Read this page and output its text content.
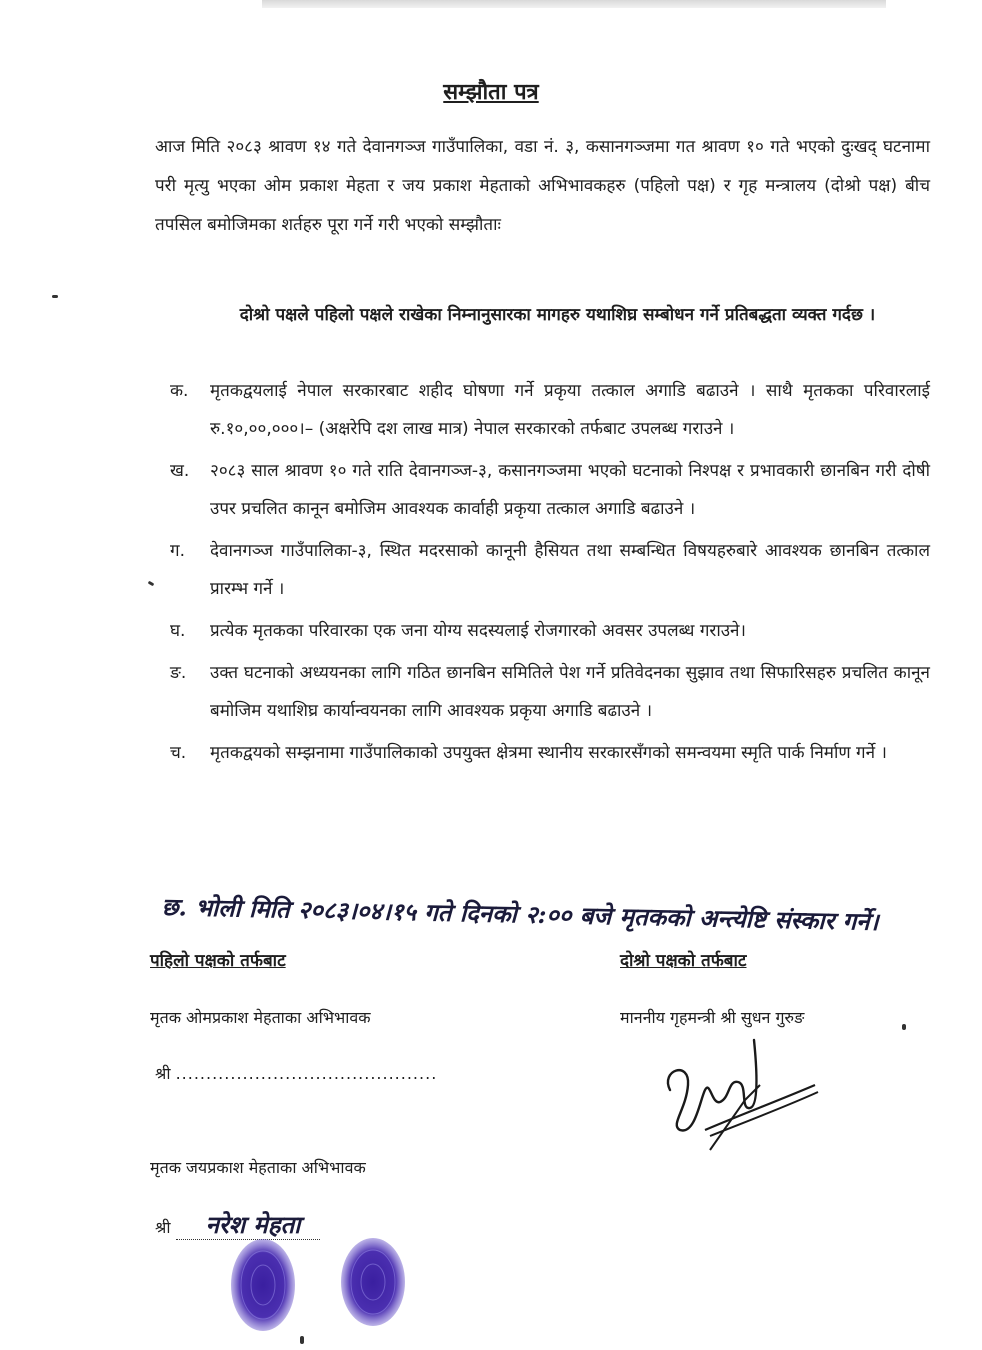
सम्झौता पत्र
आज मिति २०८३ श्रावण १४ गते देवानगञ्ज गाउँपालिका, वडा नं. ३, कसानगञ्जमा गत श्रावण १० गते भएको दुःखद् घटनामा परी मृत्यु भएका ओम प्रकाश मेहता र जय प्रकाश मेहताको अभिभावकहरु (पहिलो पक्ष) र गृह मन्त्रालय (दोश्रो पक्ष) बीच तपसिल बमोजिमका शर्तहरु पूरा गर्ने गरी भएको सम्झौताः
दोश्रो पक्षले पहिलो पक्षले राखेका निम्नानुसारका मागहरु यथाशिघ्र सम्बोधन गर्ने प्रतिबद्धता व्यक्त गर्दछ ।
क.	मृतकद्वयलाई नेपाल सरकारबाट शहीद घोषणा गर्ने प्रकृया तत्काल अगाडि बढाउने । साथै मृतकका परिवारलाई रु.१०,००,०००।– (अक्षरेपि दश लाख मात्र) नेपाल सरकारको तर्फबाट उपलब्ध गराउने ।
ख.	२०८३ साल श्रावण १० गते राति देवानगञ्ज-३, कसानगञ्जमा भएको घटनाको निश्पक्ष र प्रभावकारी छानबिन गरी दोषी उपर प्रचलित कानून बमोजिम आवश्यक कार्वाही प्रकृया तत्काल अगाडि बढाउने ।
ग.	देवानगञ्ज गाउँपालिका-३, स्थित मदरसाको कानूनी हैसियत तथा सम्बन्धित विषयहरुबारे आवश्यक छानबिन तत्काल प्रारम्भ गर्ने ।
घ.	प्रत्येक मृतकका परिवारका एक जना योग्य सदस्यलाई रोजगारको अवसर उपलब्ध गराउने।
ङ.	उक्त घटनाको अध्ययनका लागि गठित छानबिन समितिले पेश गर्ने प्रतिवेदनका सुझाव तथा सिफारिसहरु प्रचलित कानून बमोजिम यथाशिघ्र कार्यान्वयनका लागि आवश्यक प्रकृया अगाडि बढाउने ।
च.	मृतकद्वयको सम्झनामा गाउँपालिकाको उपयुक्त क्षेत्रमा स्थानीय सरकारसँगको समन्वयमा स्मृति पार्क निर्माण गर्ने ।
छ. भोली मिति २०८३।०४।१५ गते दिनको २:०० बजे मृतकको अन्त्येष्टि संस्कार गर्ने।
पहिलो पक्षको तर्फबाट
मृतक ओमप्रकाश मेहताका अभिभावक
श्री ...........................................
मृतक जयप्रकाश मेहताका अभिभावक
श्री नरेश मेहता
दोश्रो पक्षको तर्फबाट
माननीय गृहमन्त्री श्री सुधन गुरुङ
